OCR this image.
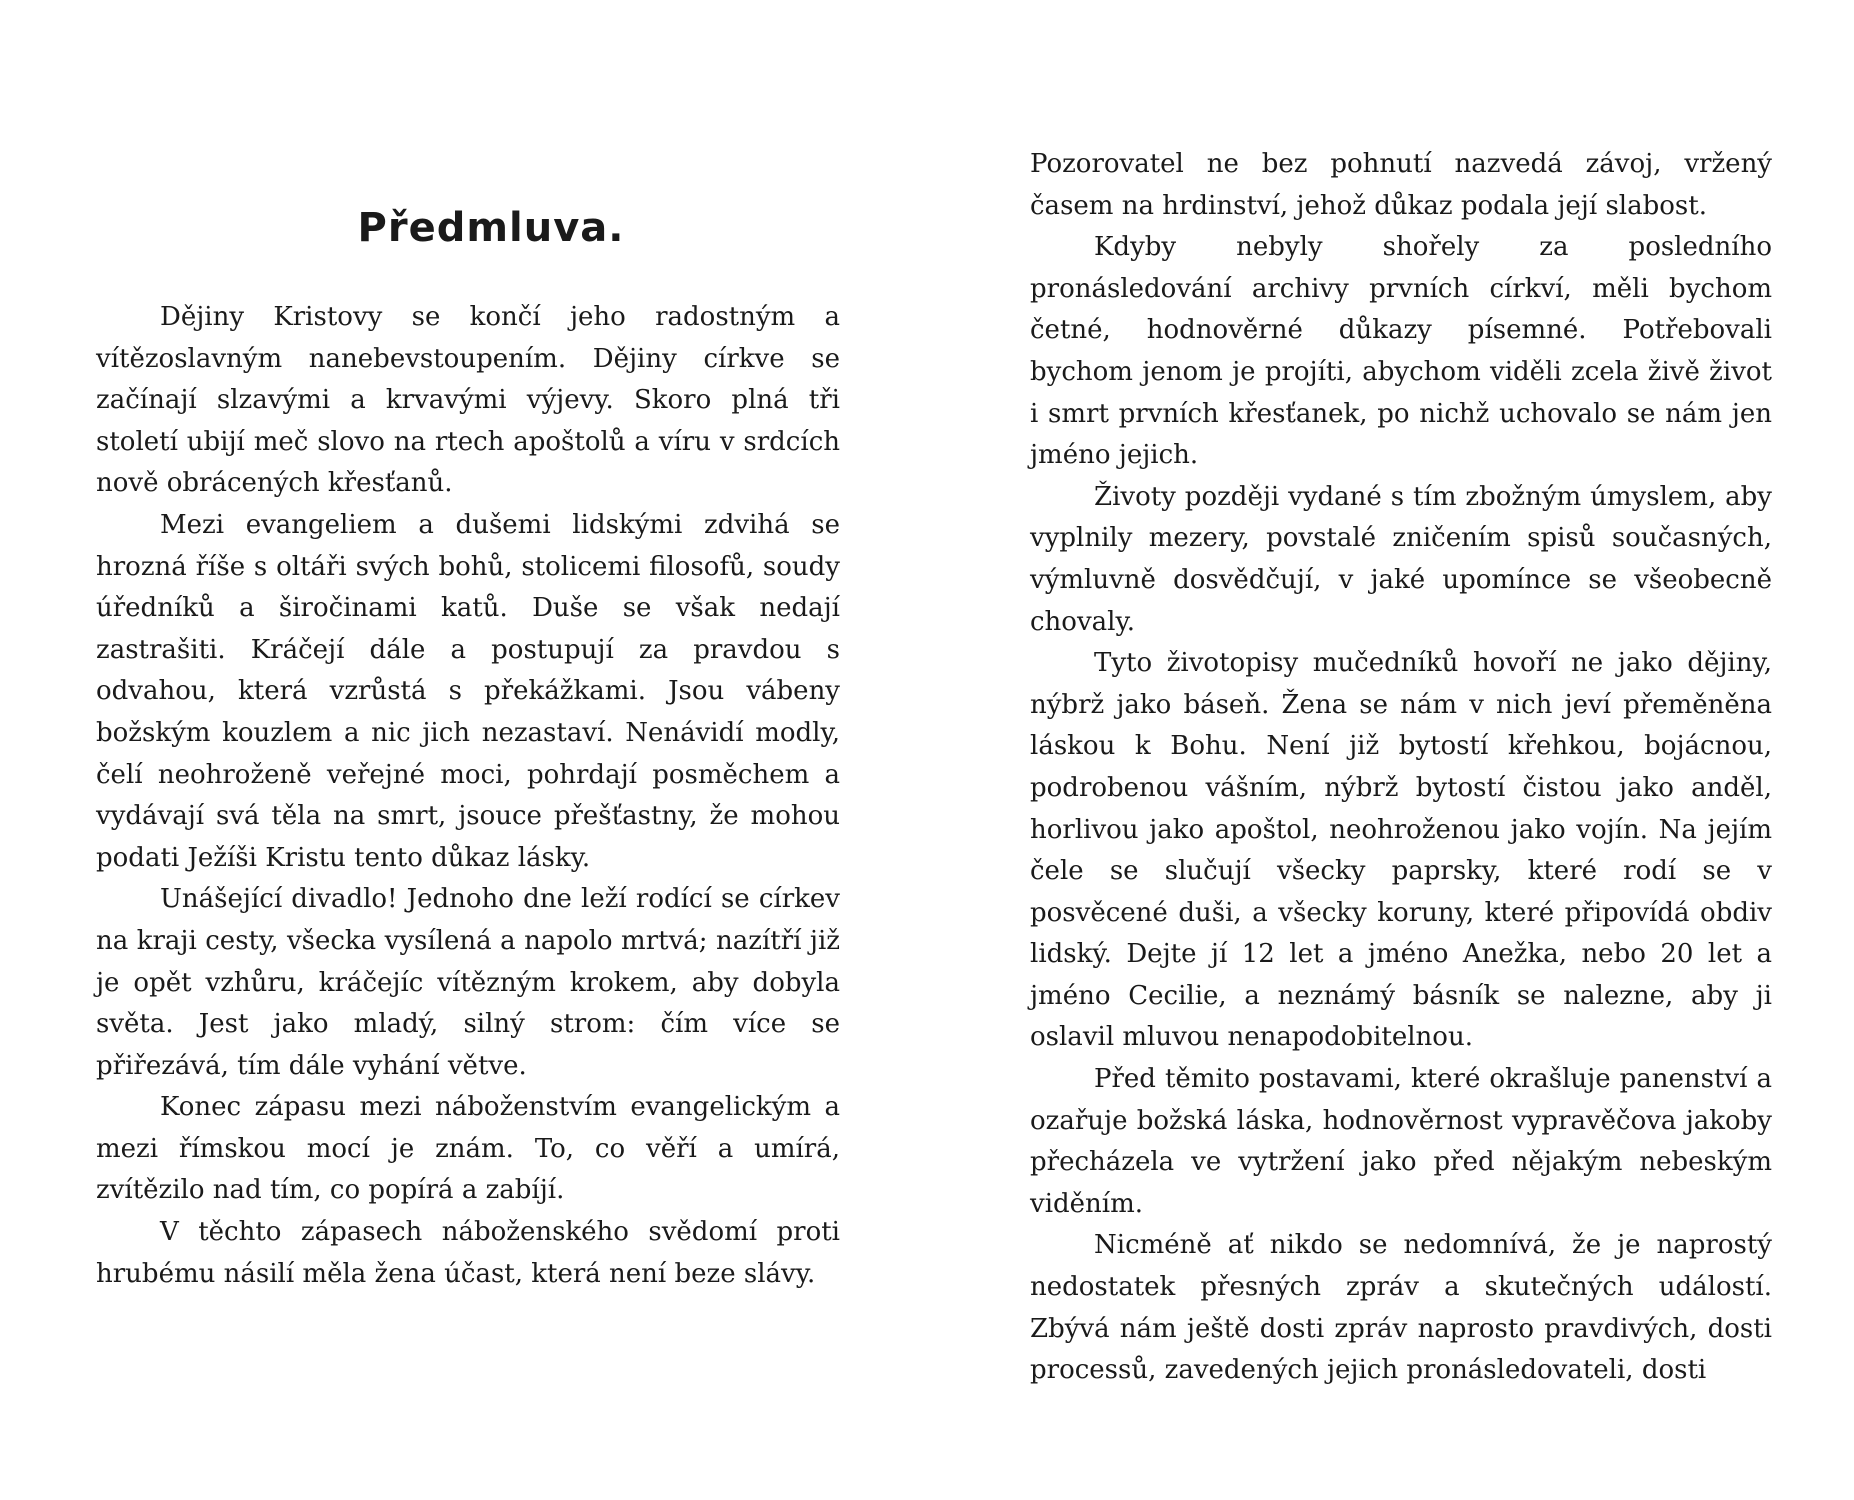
Předmluva.

Dějiny Kristovy se končí jeho radostným a vítězoslavným nanebevstoupením. Dějiny církve se začínají slzavými a krvavými výjevy. Skoro plná tři století ubijí meč slovo na rtech apoštolů a víru v srdcích nově obrácených křesťanů.

Mezi evangeliem a dušemi lidskými zdvihá se hrozná říše s oltáři svých bohů, stolicemi filosofů, soudy úředníků a širočinami katů. Duše se však nedají zastrašiti. Kráčejí dále a postupují za pravdou s odvahou, která vzrůstá s překážkami. Jsou vábeny božským kouzlem a nic jich nezastaví. Nenávidí modly, čelí neohroženě veřejné moci, pohrdají posměchem a vydávají svá těla na smrt, jsouce přešťastny, že mohou podati Ježíši Kristu tento důkaz lásky.

Unášející divadlo! Jednoho dne leží rodící se církev na kraji cesty, všecka vysílená a napolo mrtvá; nazítří již je opět vzhůru, kráčejíc vítězným krokem, aby dobyla světa. Jest jako mladý, silný strom: čím více se přiřezává, tím dále vyhání větve.

Konec zápasu mezi náboženstvím evangelickým a mezi římskou mocí je znám. To, co věří a umírá, zvítězilo nad tím, co popírá a zabíjí.

V těchto zápasech náboženského svědomí proti hrubému násilí měla žena účast, která není beze slávy.

Pozorovatel ne bez pohnutí nazvedá závoj, vržený časem na hrdinství, jehož důkaz podala její slabost.

Kdyby nebyly shořely za posledního pronásledování archivy prvních církví, měli bychom četné, hodnověrné důkazy písemné. Potřebovali bychom jenom je projíti, abychom viděli zcela živě život i smrt prvních křesťanek, po nichž uchovalo se nám jen jméno jejich.

Životy později vydané s tím zbožným úmyslem, aby vyplnily mezery, povstalé zničením spisů současných, výmluvně dosvědčují, v jaké upomínce se všeobecně chovaly.

Tyto životopisy mučedníků hovoří ne jako dějiny, nýbrž jako báseň. Žena se nám v nich jeví přeměněna láskou k Bohu. Není již bytostí křehkou, bojácnou, podrobenou vášním, nýbrž bytostí čistou jako anděl, horlivou jako apoštol, neohroženou jako vojín. Na jejím čele se slučují všecky paprsky, které rodí se v posvěcené duši, a všecky koruny, které připovídá obdiv lidský. Dejte jí 12 let a jméno Anežka, nebo 20 let a jméno Cecilie, a neznámý básník se nalezne, aby ji oslavil mluvou nenapodobitelnou.

Před těmito postavami, které okrašluje panenství a ozařuje božská láska, hodnověrnost vypravěčova jakoby přecházela ve vytržení jako před nějakým nebeským viděním.

Nicméně ať nikdo se nedomnívá, že je naprostý nedostatek přesných zpráv a skutečných událostí. Zbývá nám ještě dosti zpráv naprosto pravdivých, dosti processů, zavedených jejich pronásledovateli, dosti
